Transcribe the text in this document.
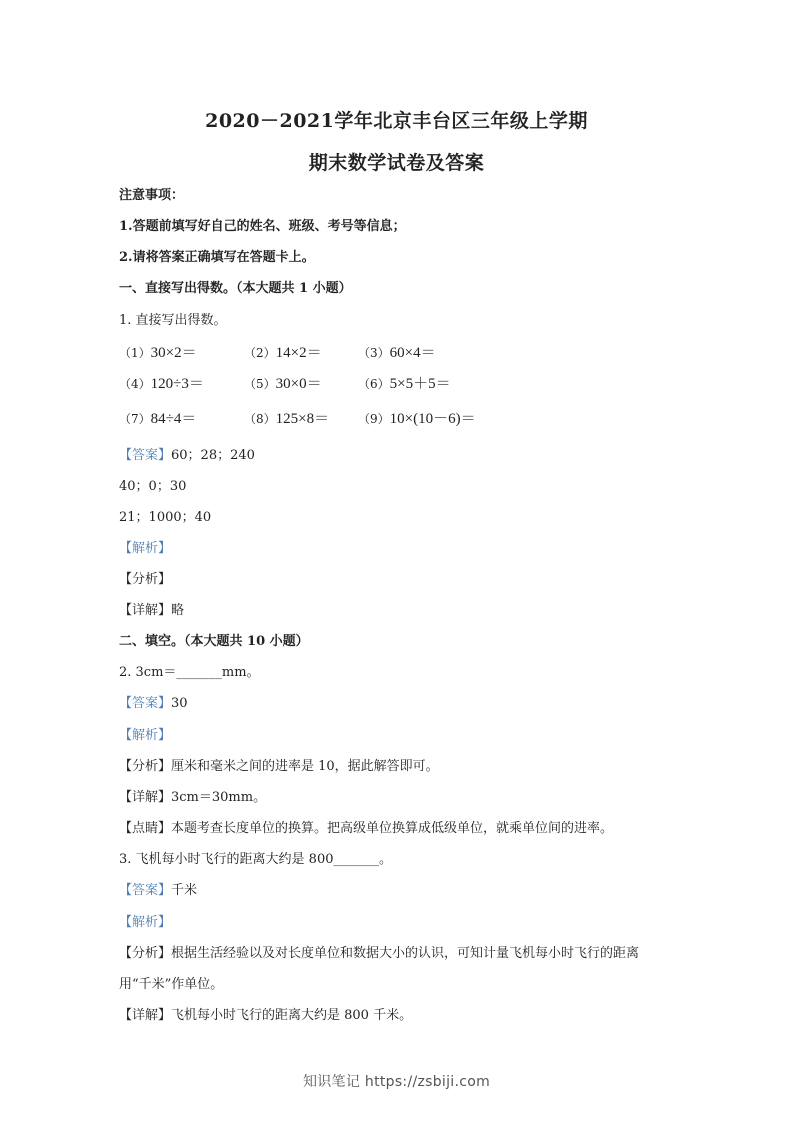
2020－2021学年北京丰台区三年级上学期
期末数学试卷及答案
注意事项：
1.答题前填写好自己的姓名、班级、考号等信息；
2.请将答案正确填写在答题卡上。
一、直接写出得数。（本大题共 1 小题）
1. 直接写出得数。
（1）30×2＝	（2）14×2＝	（3）60×4＝
（4）120÷3＝	（5）30×0＝	（6）5×5＋5＝
（7）84÷4＝	（8）125×8＝ （9）10×(10－6)＝
【答案】60；28；240
40；0；30
21；1000；40
【解析】
【分析】
【详解】略
二、填空。（本大题共 10 小题）
2. 3cm＝_______mm。
【答案】30
【解析】
【分析】厘米和毫米之间的进率是 10，据此解答即可。
【详解】3cm＝30mm。
【点睛】本题考查长度单位的换算。把高级单位换算成低级单位，就乘单位间的进率。
3. 飞机每小时飞行的距离大约是 800_______。
【答案】千米
【解析】
【分析】根据生活经验以及对长度单位和数据大小的认识，可知计量飞机每小时飞行的距离
用“千米”作单位。
【详解】飞机每小时飞行的距离大约是 800 千米。
知识笔记 https://zsbiji.com
